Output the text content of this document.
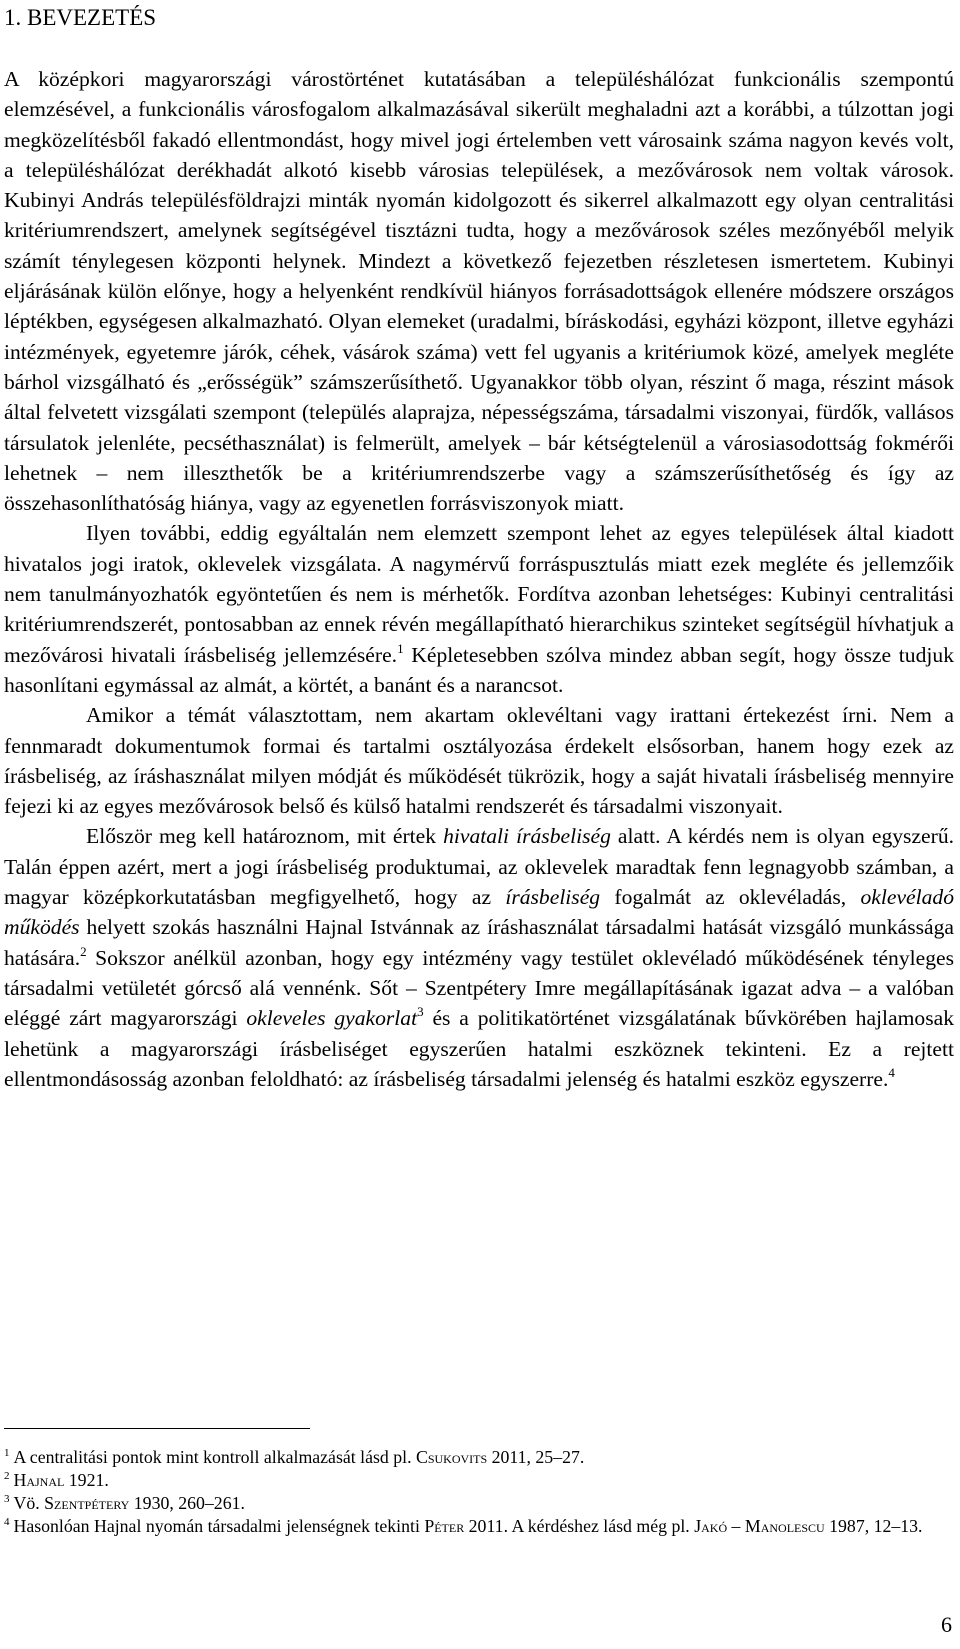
1. BEVEZETÉS

A középkori magyarországi várostörténet kutatásában a településhálózat funkcionális szempontú elemzésével, a funkcionális városfogalom alkalmazásával sikerült meghaladni azt a korábbi, a túlzottan jogi megközelítésből fakadó ellentmondást, hogy mivel jogi értelemben vett városaink száma nagyon kevés volt, a településhálózat derékhadát alkotó kisebb városias települések, a mezővárosok nem voltak városok. Kubinyi András településföldrajzi minták nyomán kidolgozott és sikerrel alkalmazott egy olyan centralitási kritériumrendszert, amelynek segítségével tisztázni tudta, hogy a mezővárosok széles mezőnyéből melyik számít ténylegesen központi helynek. Mindezt a következő fejezetben részletesen ismertetem. Kubinyi eljárásának külön előnye, hogy a helyenként rendkívül hiányos forrásadottságok ellenére módszere országos léptékben, egységesen alkalmazható. Olyan elemeket (uradalmi, bíráskodási, egyházi központ, illetve egyházi intézmények, egyetemre járók, céhek, vásárok száma) vett fel ugyanis a kritériumok közé, amelyek megléte bárhol vizsgálható és „erősségük” számszerűsíthető. Ugyanakkor több olyan, részint ő maga, részint mások által felvetett vizsgálati szempont (település alaprajza, népességszáma, társadalmi viszonyai, fürdők, vallásos társulatok jelenléte, pecséthasználat) is felmerült, amelyek – bár kétségtelenül a városiasodottság fokmérői lehetnek – nem illeszthetők be a kritériumrendszerbe vagy a számszerűsíthetőség és így az összehasonlíthatóság hiánya, vagy az egyenetlen forrásviszonyok miatt.

Ilyen további, eddig egyáltalán nem elemzett szempont lehet az egyes települések által kiadott hivatalos jogi iratok, oklevelek vizsgálata. A nagymérvű forráspusztulás miatt ezek megléte és jellemzőik nem tanulmányozhatók egyöntetűen és nem is mérhetők. Fordítva azonban lehetséges: Kubinyi centralitási kritériumrendszerét, pontosabban az ennek révén megállapítható hierarchikus szinteket segítségül hívhatjuk a mezővárosi hivatali írásbeliség jellemzésére.$^1$ Képletesebben szólva mindez abban segít, hogy össze tudjuk hasonlítani egymással az almát, a körtét, a banánt és a narancsot.

Amikor a témát választottam, nem akartam oklevéltani vagy irattani értekezést írni. Nem a fennmaradt dokumentumok formai és tartalmi osztályozása érdekelt elsősorban, hanem hogy ezek az írásbeliség, az íráshasználat milyen módját és működését tükrözik, hogy a saját hivatali írásbeliség mennyire fejezi ki az egyes mezővárosok belső és külső hatalmi rendszerét és társadalmi viszonyait.

Először meg kell határoznom, mit értek hivatali írásbeliség alatt. A kérdés nem is olyan egyszerű. Talán éppen azért, mert a jogi írásbeliség produktumai, az oklevelek maradtak fenn legnagyobb számban, a magyar középkorkutatásban megfigyelhető, hogy az írásbeliség fogalmát az oklevéladás, oklevéladó működés helyett szokás használni Hajnal Istvánnak az íráshasználat társadalmi hatását vizsgáló munkássága hatására.$^2$ Sokszor anélkül azonban, hogy egy intézmény vagy testület oklevéladó működésének tényleges társadalmi vetületét górcső alá vennénk. Sőt – Szentpétery Imre megállapításának igazat adva – a valóban eléggé zárt magyarországi okleveles gyakorlat$^3$ és a politikatörténet vizsgálatának bűvkörében hajlamosak lehetünk a magyarországi írásbeliséget egyszerűen hatalmi eszköznek tekinteni. Ez a rejtett ellentmondásosság azonban feloldható: az írásbeliség társadalmi jelenség és hatalmi eszköz egyszerre.$^4$

$^1$ A centralitási pontok mint kontroll alkalmazását lásd pl. Csukovits 2011, 25–27.
$^2$ Hajnal 1921.
$^3$ Vö. Szentpétery 1930, 260–261.
$^4$ Hasonlóan Hajnal nyomán társadalmi jelenségnek tekinti Péter 2011. A kérdéshez lásd még pl. Jakó – Manolescu 1987, 12–13.
6
